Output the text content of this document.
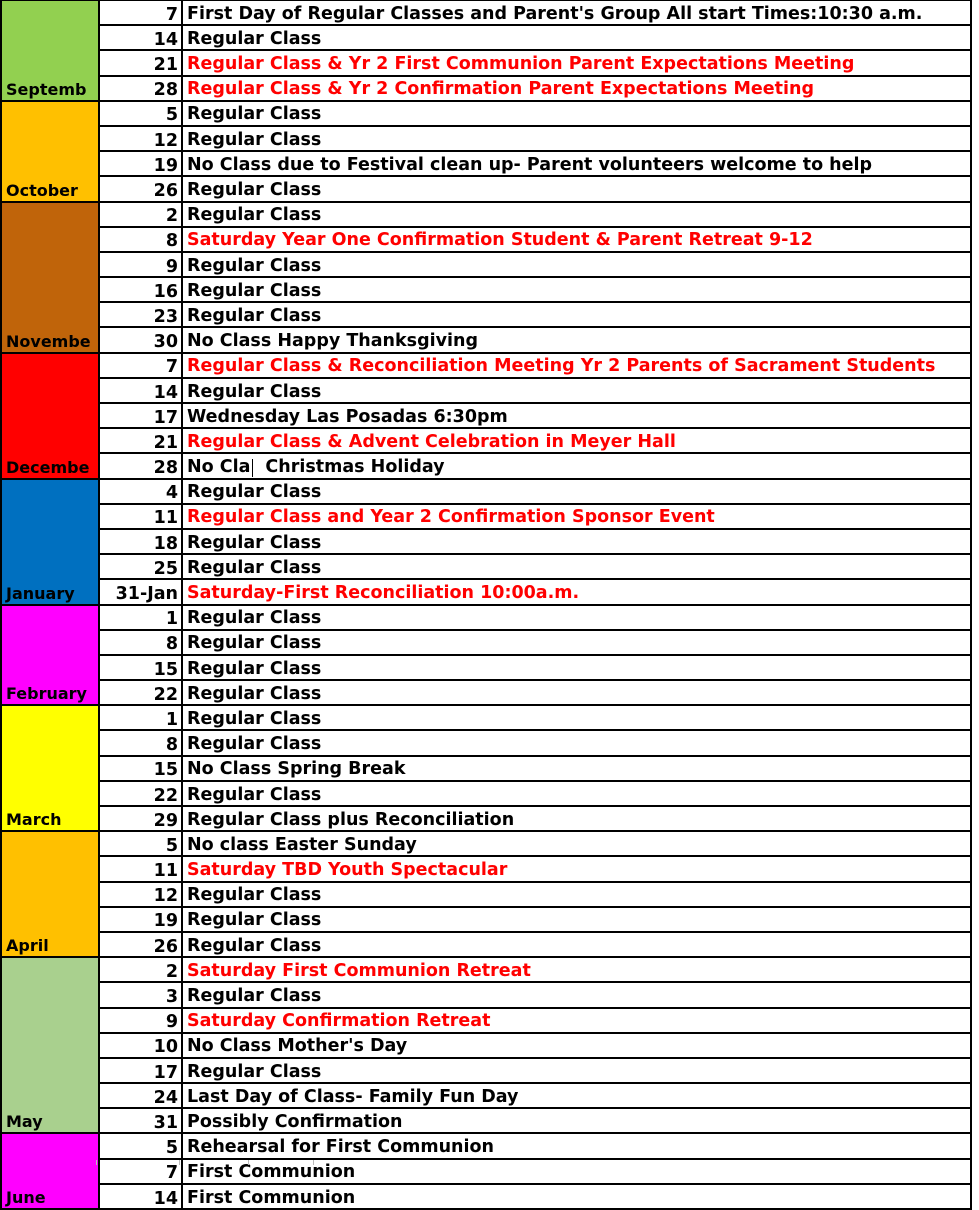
Septemb	7	First Day of Regular Classes and Parent's Group All start Times:10:30 a.m.
	14	Regular Class
	21	Regular Class & Yr 2 First Communion Parent Expectations Meeting
	28	Regular Class & Yr 2 Confirmation Parent Expectations Meeting
October	5	Regular Class
	12	Regular Class
	19	No Class due to Festival clean up- Parent volunteers welcome to help
	26	Regular Class
Novembe	2	Regular Class
	8	Saturday Year One Confirmation Student & Parent Retreat 9-12
	9	Regular Class
	16	Regular Class
	23	Regular Class
	30	No Class Happy Thanksgiving
Decembe	7	Regular Class & Reconciliation Meeting Yr 2 Parents of Sacrament Students
	14	Regular Class
	17	Wednesday Las Posadas 6:30pm
	21	Regular Class & Advent Celebration in Meyer Hall
	28	No Cla Christmas Holiday
January	4	Regular Class
	11	Regular Class and Year 2 Confirmation Sponsor Event
	18	Regular Class
	25	Regular Class
	31-Jan	Saturday-First Reconciliation 10:00a.m.
February	1	Regular Class
	8	Regular Class
	15	Regular Class
	22	Regular Class
March	1	Regular Class
	8	Regular Class
	15	No Class Spring Break
	22	Regular Class
	29	Regular Class plus Reconciliation
April	5	No class Easter Sunday
	11	Saturday TBD Youth Spectacular
	12	Regular Class
	19	Regular Class
	26	Regular Class
May	2	Saturday First Communion Retreat
	3	Regular Class
	9	Saturday Confirmation Retreat
	10	No Class Mother's Day
	17	Regular Class
	24	Last Day of Class- Family Fun Day
	31	Possibly Confirmation
June	5	Rehearsal for First Communion
	7	First Communion
	14	First Communion
